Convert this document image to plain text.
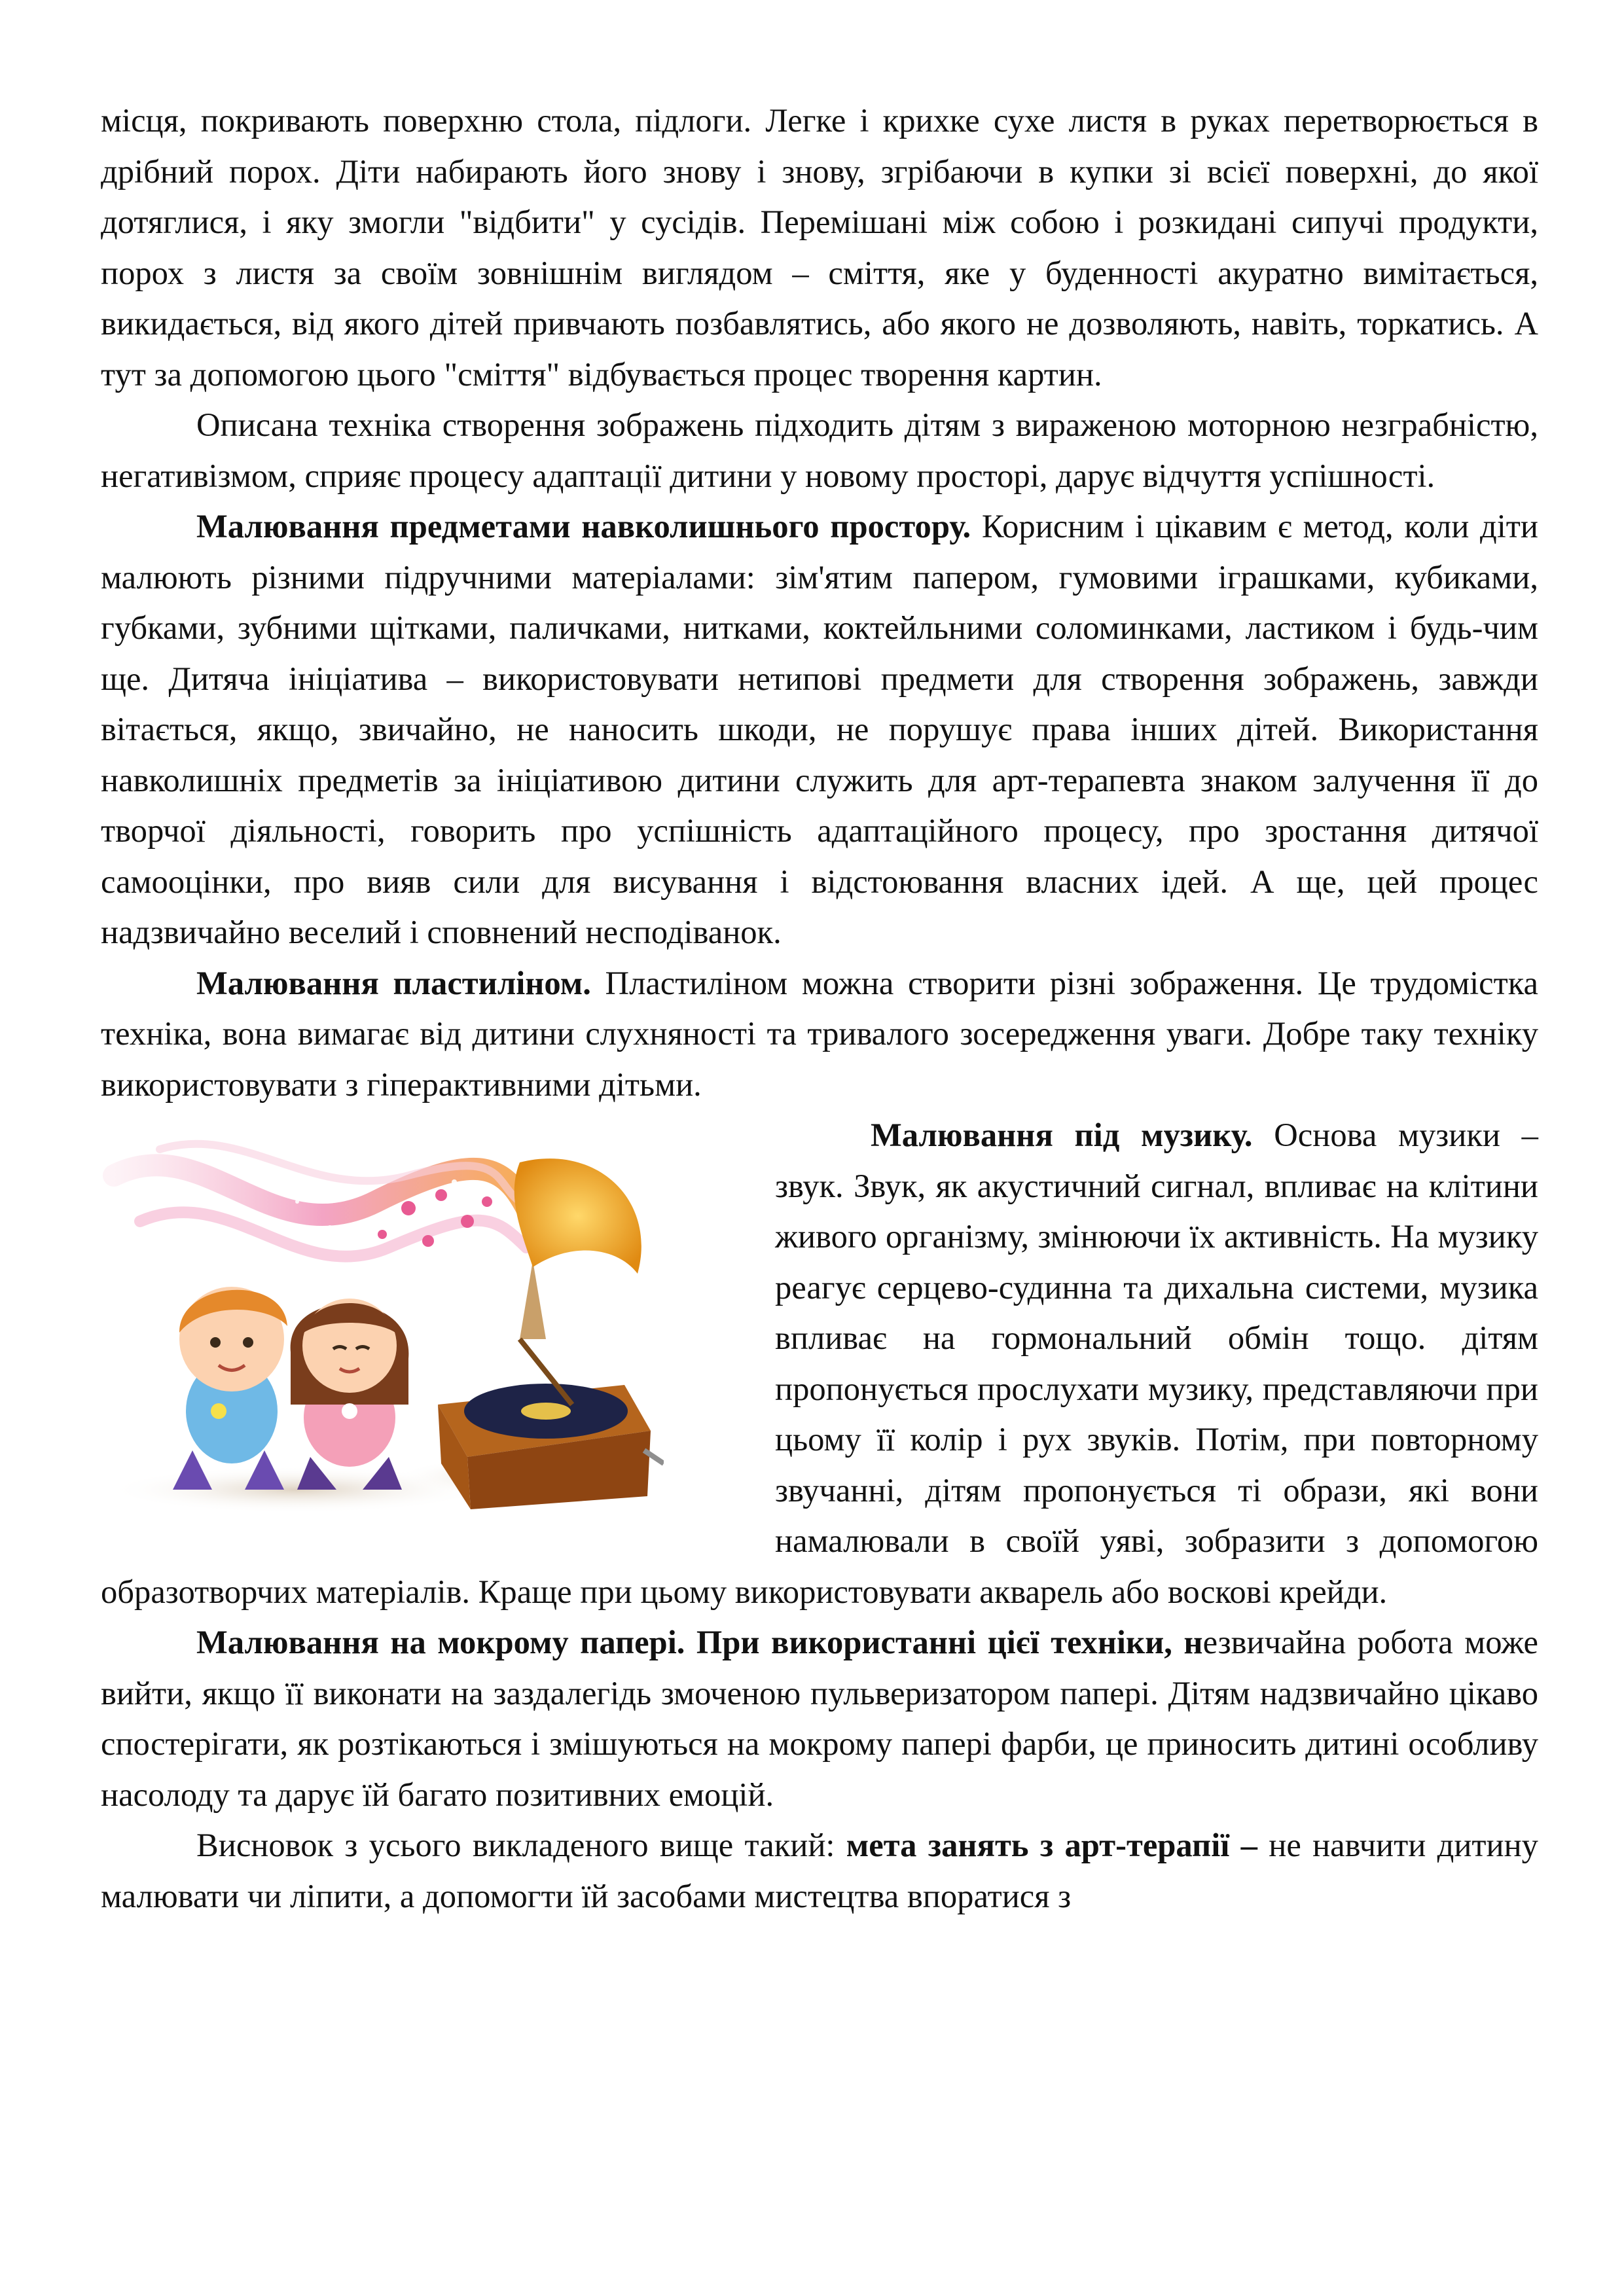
місця, покривають поверхню стола, підлоги. Легке і крихке сухе листя в руках перетворюється в дрібний порох. Діти набирають його знову і знову, згрібаючи в купки зі всієї поверхні, до якої дотяглися, і яку змогли "відбити" у сусідів. Перемішані між собою і розкидані сипучі продукти, порох з листя за своїм зовнішнім виглядом – сміття, яке у буденності акуратно вимітається, викидається, від якого дітей привчають позбавлятись, або якого не дозволяють, навіть, торкатись. А тут за допомогою цього "сміття" відбувається процес творення картин.

Описана техніка створення зображень підходить дітям з вираженою моторною незграбністю, негативізмом, сприяє процесу адаптації дитини у новому просторі, дарує відчуття успішності.

Малювання предметами навколишнього простору. Корисним і цікавим є метод, коли діти малюють різними підручними матеріалами: зім'ятим папером, гумовими іграшками, кубиками, губками, зубними щітками, паличками, нитками, коктейльними соломинками, ластиком і будь-чим ще. Дитяча ініціатива – використовувати нетипові предмети для створення зображень, завжди вітається, якщо, звичайно, не наносить шкоди, не порушує права інших дітей. Використання навколишніх предметів за ініціативою дитини служить для арт-терапевта знаком залучення її до творчої діяльності, говорить про успішність адаптаційного процесу, про зростання дитячої самооцінки, про вияв сили для висування і відстоювання власних ідей. А ще, цей процес надзвичайно веселий і сповнений несподіванок.

Малювання пластиліном. Пластиліном можна створити різні зображення. Це трудомістка техніка, вона вимагає від дитини слухняності та тривалого зосередження уваги. Добре таку техніку використовувати з гіперактивними дітьми.

Малювання під музику. Основа музики – звук. Звук, як акустичний сигнал, впливає на клітини живого організму, змінюючи їх активність. На музику реагує серцево-судинна та дихальна системи, музика впливає на гормональний обмін тощо. дітям пропонується прослухати музику, представляючи при цьому її колір і рух звуків. Потім, при повторному звучанні, дітям пропонується ті образи, які вони намалювали в своїй уяві, зобразити з допомогою образотворчих матеріалів. Краще при цьому використовувати акварель або воскові крейди.

Малювання на мокрому папері. При використанні цієї техніки, незвичайна робота може вийти, якщо її виконати на заздалегідь змоченою пульверизатором папері. Дітям надзвичайно цікаво спостерігати, як розтікаються і змішуються на мокрому папері фарби, це приносить дитині особливу насолоду та дарує їй багато позитивних емоцій.

Висновок з усього викладеного вище такий: мета занять з арт-терапії – не навчити дитину малювати чи ліпити, а допомогти їй засобами мистецтва впоратися з
